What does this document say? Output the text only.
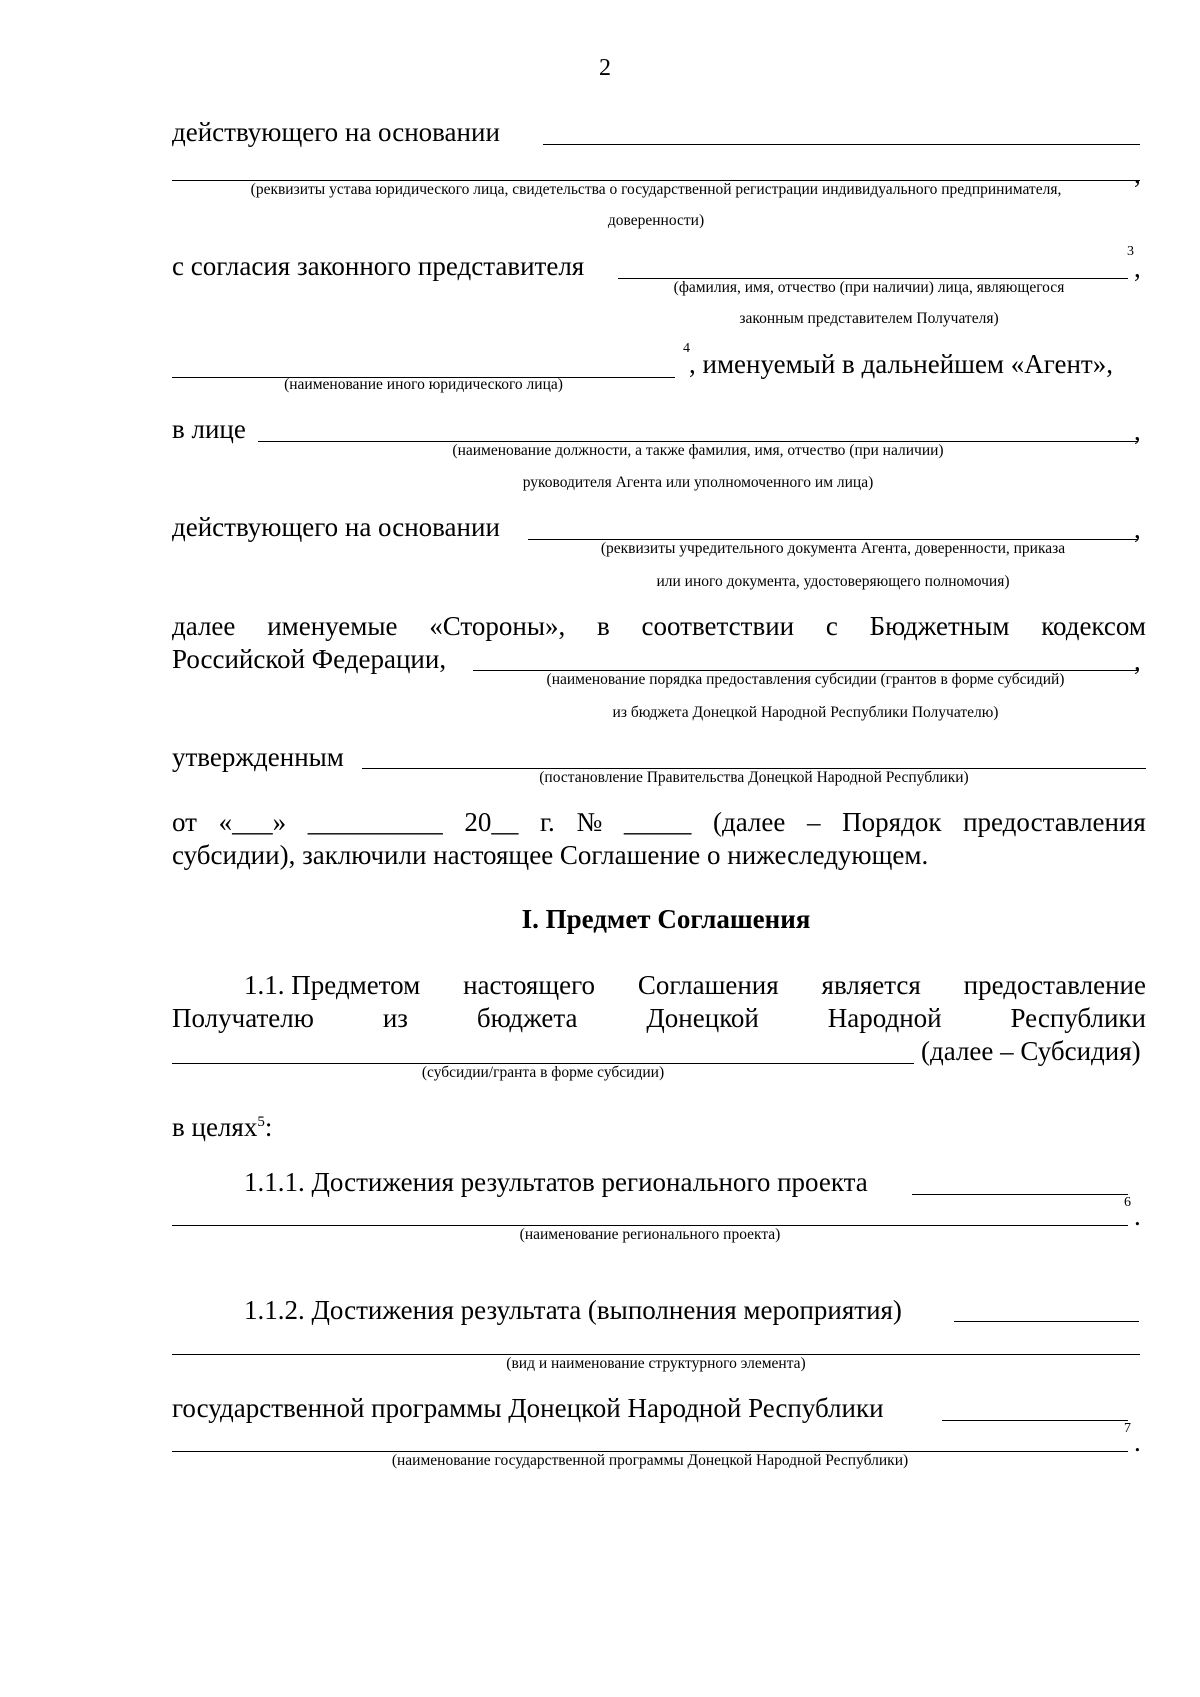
2
действующего на основании
,
(реквизиты устава юридического лица, свидетельства о государственной регистрации индивидуального предпринимателя,
доверенности)
с согласия законного представителя	3
,
(фамилия, имя, отчество (при наличии) лица, являющегося
законным представителем Получателя)
4
, именуемый в дальнейшем «Агент»,
(наименование иного юридического лица)
в лице	,
(наименование должности, а также фамилия, имя, отчество (при наличии)
руководителя Агента или уполномоченного им лица)
действующего на основании	,
(реквизиты учредительного документа Агента, доверенности, приказа
или иного документа, удостоверяющего полномочия)
далее именуемые «Стороны», в соответствии с Бюджетным кодексом
Российской Федерации,	,
(наименование порядка предоставления субсидии (грантов в форме субсидий)
из бюджета Донецкой Народной Республики Получателю)
утвержденным
(постановление Правительства Донецкой Народной Республики)
от «___» __________ 20__ г. № _____ (далее – Порядок предоставления
субсидии), заключили настоящее Соглашение о нижеследующем.
I. Предмет Соглашения
1.1. Предметом настоящего Соглашения является предоставление
Получателю	из	бюджета	Донецкой	Народной	Республики
(далее – Субсидия)
(субсидии/гранта в форме субсидии)
в целях$^5$:
1.1.1. Достижения результатов регионального проекта
6 .
(наименование регионального проекта)
1.1.2. Достижения результата (выполнения мероприятия)
(вид и наименование структурного элемента)
государственной программы Донецкой Народной Республики
7 .
(наименование государственной программы Донецкой Народной Республики)
